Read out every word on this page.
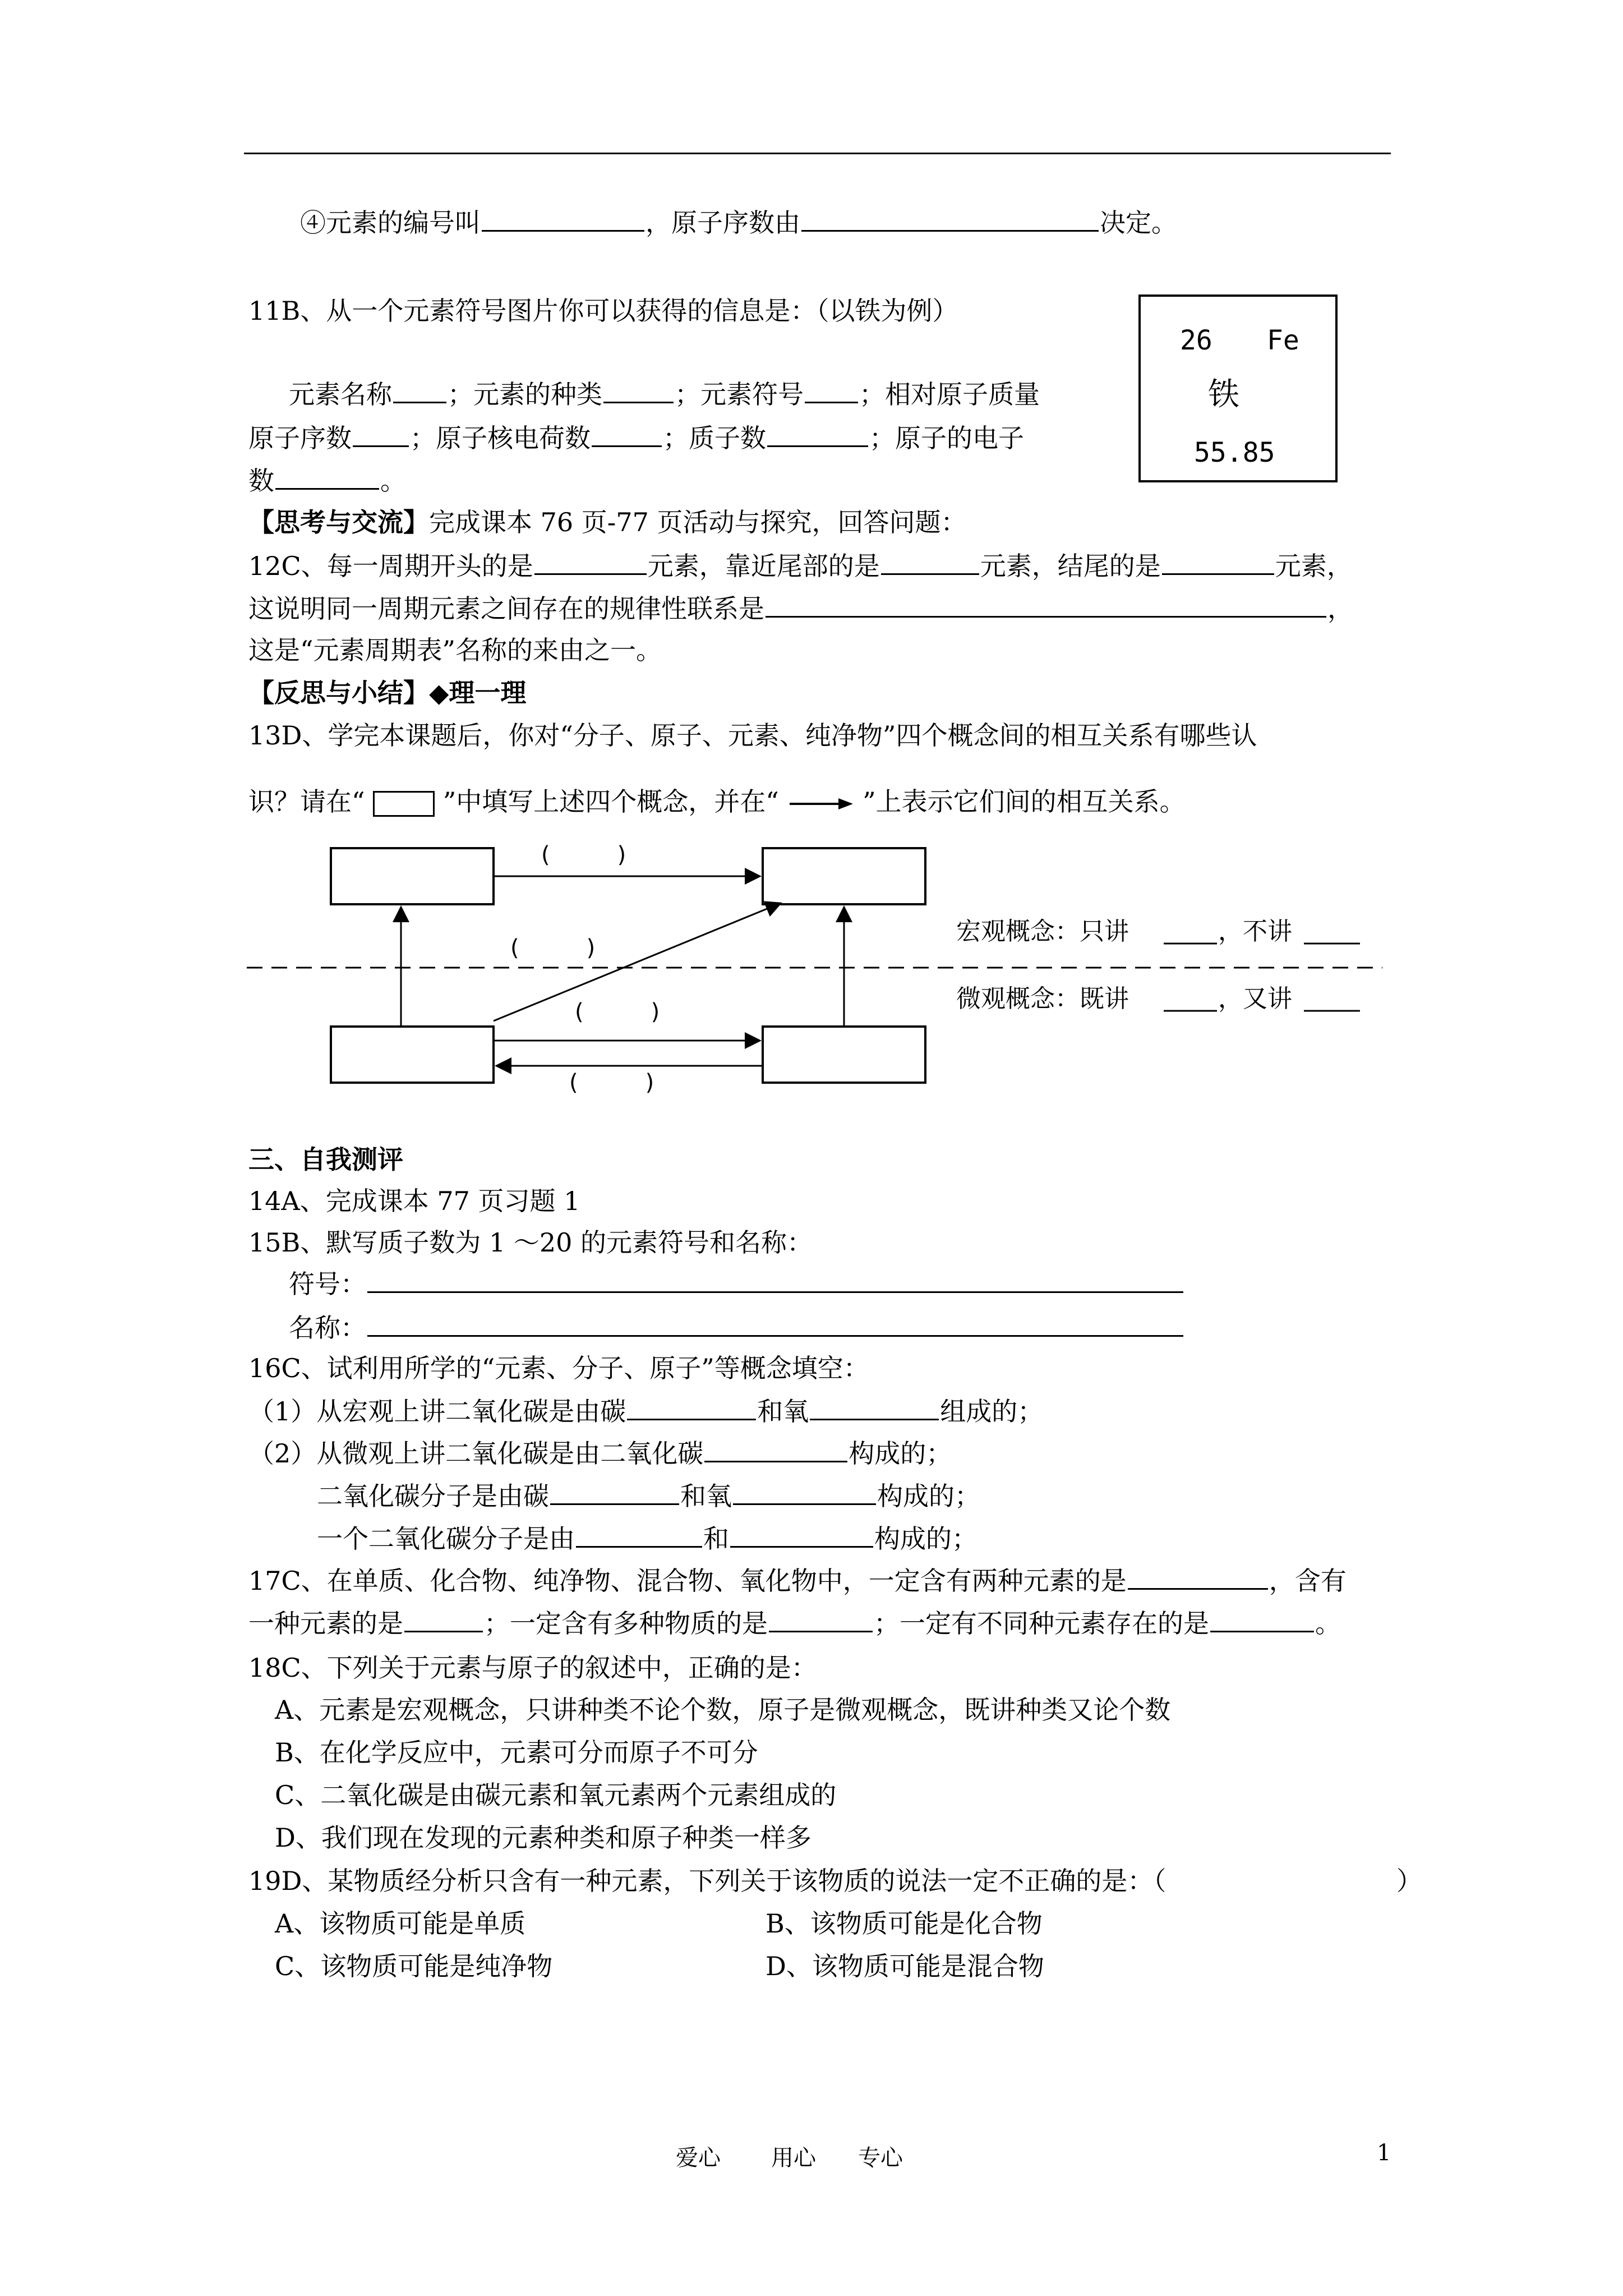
④元素的编号叫	，原子序数由	决定。
11B、从一个元素符号图片你可以获得的信息是：（以铁为例）
元素名称 ；元素的种类	；元素符号 ；相对原子质量
原子序数 ；原子核电荷数	；质子数	；原子的电子
数	。
26 Fe
铁
55.85
【思考与交流】完成课本 76 页-77 页活动与探究，回答问题：
12C、每一周期开头的是	元素，靠近尾部的是	元素，结尾的是	元素，
这说明同一周期元素之间存在的规律性联系是	，
这是“元素周期表”名称的来由之一。
【反思与小结】◆理一理
13D、学完本课题后，你对“分子、原子、元素、纯净物”四个概念间的相互关系有哪些认
识？请在“	”中填写上述四个概念，并在“	”上表示它们间的相互关系。
(　　　)
(　　　)
(　　　)
(　　　)
宏观概念：只讲	，不讲
微观概念：既讲	，又讲
三、自我测评
14A、完成课本 77 页习题 1
15B、默写质子数为 1 ～20 的元素符号和名称：
符号：
名称：
16C、试利用所学的“元素、分子、原子”等概念填空：
（1）从宏观上讲二氧化碳是由碳	和氧	组成的；
（2）从微观上讲二氧化碳是由二氧化碳	构成的；
二氧化碳分子是由碳	和氧	构成的；
一个二氧化碳分子是由	和	构成的；
17C、在单质、化合物、纯净物、混合物、氧化物中，一定含有两种元素的是	，含有
一种元素的是	；一定含有多种物质的是	；一定有不同种元素存在的是	。
18C、下列关于元素与原子的叙述中，正确的是：
A、元素是宏观概念，只讲种类不论个数，原子是微观概念，既讲种类又论个数
B、在化学反应中，元素可分而原子不可分
C、二氧化碳是由碳元素和氧元素两个元素组成的
D、我们现在发现的元素种类和原子种类一样多
19D、某物质经分析只含有一种元素，下列关于该物质的说法一定不正确的是：（	）
A、该物质可能是单质	B、该物质可能是化合物
C、该物质可能是纯净物	D、该物质可能是混合物
爱心 用心 专心	1
